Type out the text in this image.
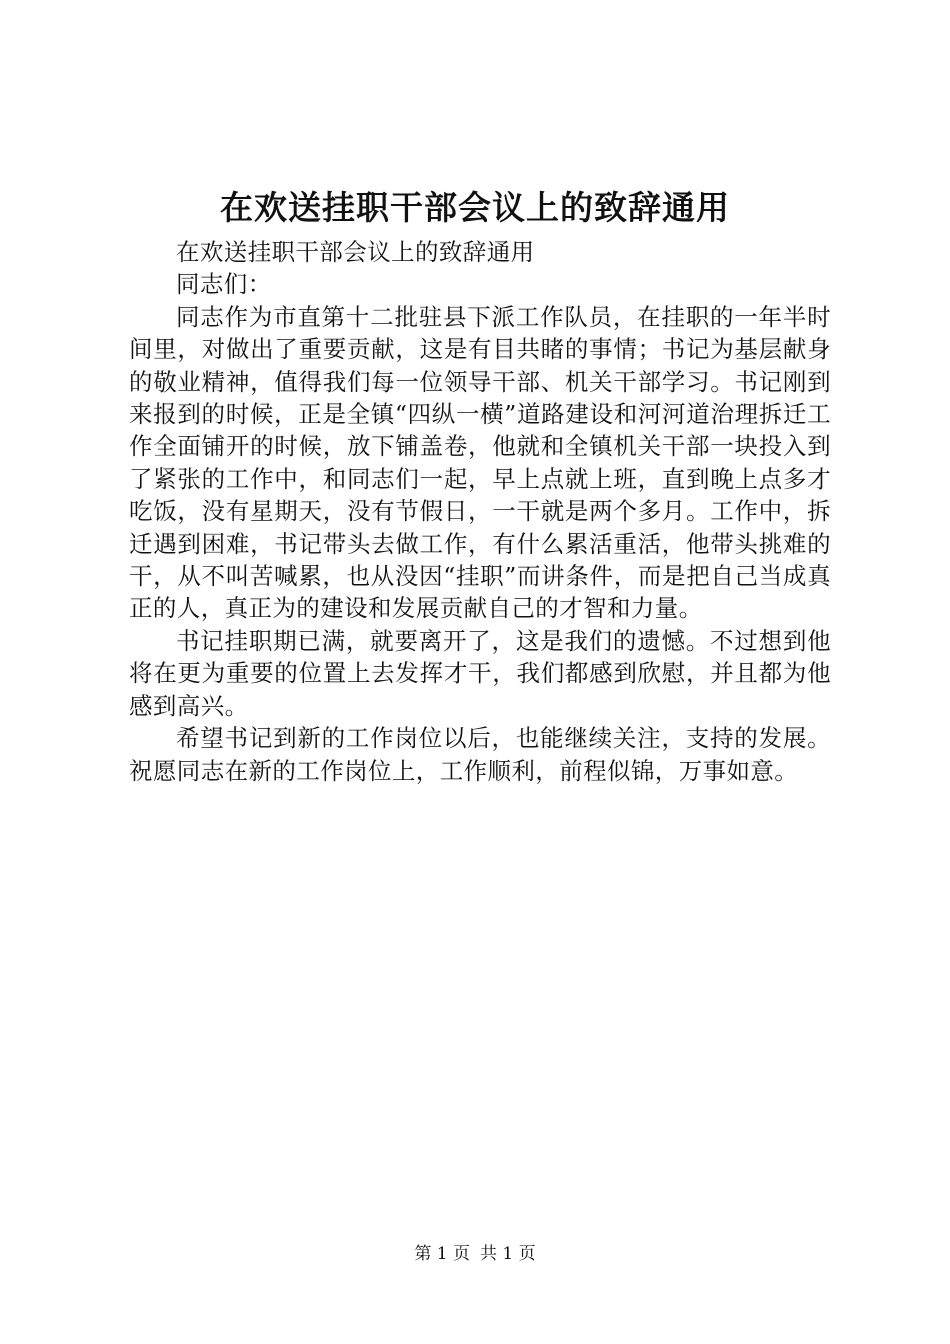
在欢送挂职干部会议上的致辞通用

在欢送挂职干部会议上的致辞通用

同志们：

同志作为市直第十二批驻县下派工作队员，在挂职的一年半时间里，对做出了重要贡献，这是有目共睹的事情；书记为基层献身的敬业精神，值得我们每一位领导干部、机关干部学习。书记刚到来报到的时候，正是全镇“四纵一横”道路建设和河河道治理拆迁工作全面铺开的时候，放下铺盖卷，他就和全镇机关干部一块投入到了紧张的工作中，和同志们一起，早上点就上班，直到晚上点多才吃饭，没有星期天，没有节假日，一干就是两个多月。工作中，拆迁遇到困难，书记带头去做工作，有什么累活重活，他带头挑难的干，从不叫苦喊累，也从没因“挂职”而讲条件，而是把自己当成真正的人，真正为的建设和发展贡献自己的才智和力量。

书记挂职期已满，就要离开了，这是我们的遗憾。不过想到他将在更为重要的位置上去发挥才干，我们都感到欣慰，并且都为他感到高兴。

希望书记到新的工作岗位以后，也能继续关注，支持的发展。祝愿同志在新的工作岗位上，工作顺利，前程似锦，万事如意。

第 1 页 共 1 页
